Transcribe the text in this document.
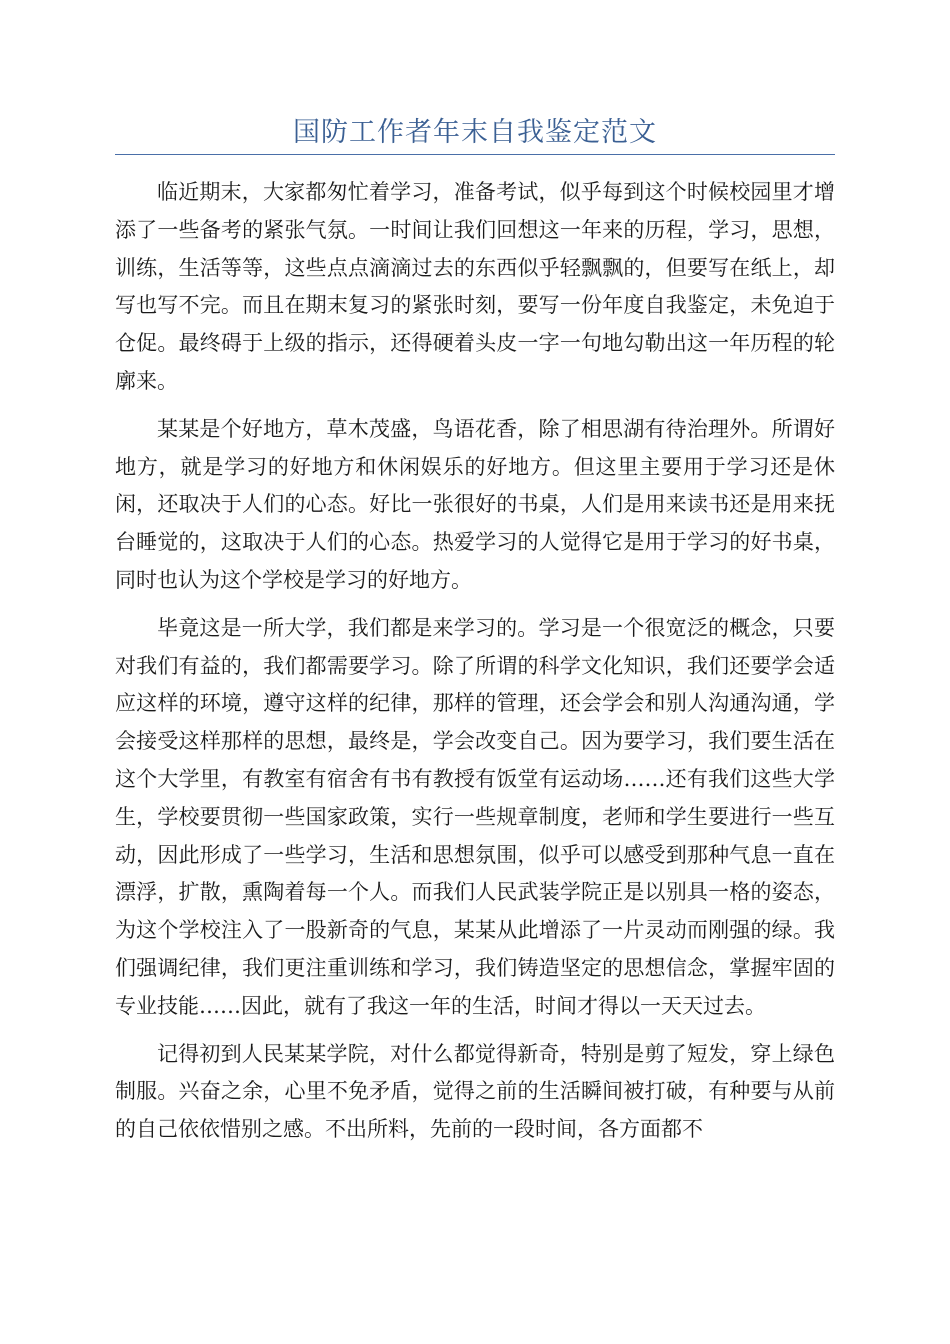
国防工作者年末自我鉴定范文

临近期末，大家都匆忙着学习，准备考试，似乎每到这个时候校园里才增添了一些备考的紧张气氛。一时间让我们回想这一年来的历程，学习，思想，训练，生活等等，这些点点滴滴过去的东西似乎轻飘飘的，但要写在纸上，却写也写不完。而且在期末复习的紧张时刻，要写一份年度自我鉴定，未免迫于仓促。最终碍于上级的指示，还得硬着头皮一字一句地勾勒出这一年历程的轮廓来。

某某是个好地方，草木茂盛，鸟语花香，除了相思湖有待治理外。所谓好地方，就是学习的好地方和休闲娱乐的好地方。但这里主要用于学习还是休闲，还取决于人们的心态。好比一张很好的书桌，人们是用来读书还是用来抚台睡觉的，这取决于人们的心态。热爱学习的人觉得它是用于学习的好书桌，同时也认为这个学校是学习的好地方。

毕竟这是一所大学，我们都是来学习的。学习是一个很宽泛的概念，只要对我们有益的，我们都需要学习。除了所谓的科学文化知识，我们还要学会适应这样的环境，遵守这样的纪律，那样的管理，还会学会和别人沟通沟通，学会接受这样那样的思想，最终是，学会改变自己。因为要学习，我们要生活在这个大学里，有教室有宿舍有书有教授有饭堂有运动场……还有我们这些大学生，学校要贯彻一些国家政策，实行一些规章制度，老师和学生要进行一些互动，因此形成了一些学习，生活和思想氛围，似乎可以感受到那种气息一直在漂浮，扩散，熏陶着每一个人。而我们人民武装学院正是以别具一格的姿态，为这个学校注入了一股新奇的气息，某某从此增添了一片灵动而刚强的绿。我们强调纪律，我们更注重训练和学习，我们铸造坚定的思想信念，掌握牢固的专业技能……因此，就有了我这一年的生活，时间才得以一天天过去。

记得初到人民某某学院，对什么都觉得新奇，特别是剪了短发，穿上绿色制服。兴奋之余，心里不免矛盾，觉得之前的生活瞬间被打破，有种要与从前的自己依依惜别之感。不出所料，先前的一段时间，各方面都不
